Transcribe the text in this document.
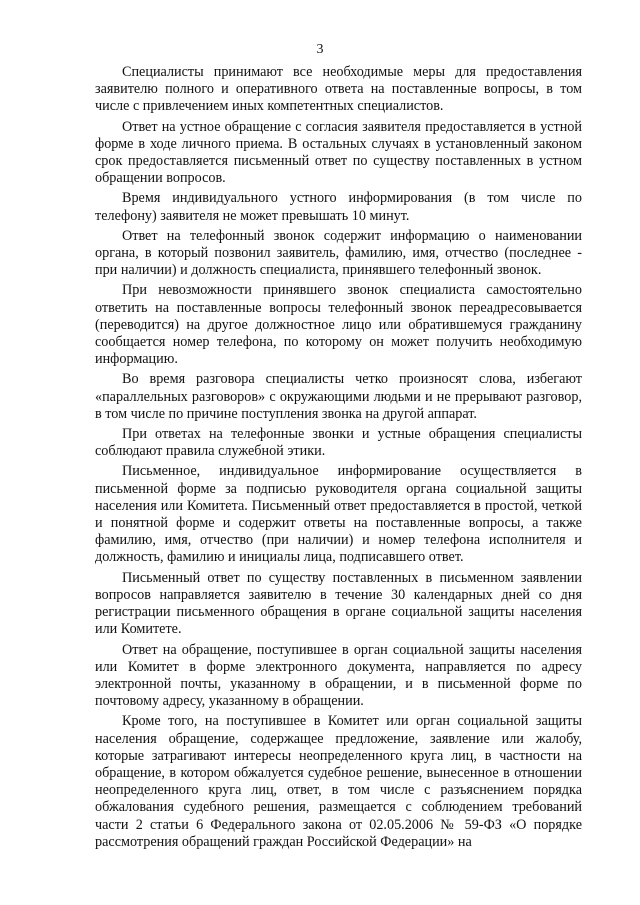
3

Специалисты принимают все необходимые меры для предоставления заявителю полного и оперативного ответа на поставленные вопросы, в том числе с привлечением иных компетентных специалистов.

Ответ на устное обращение с согласия заявителя предоставляется в устной форме в ходе личного приема. В остальных случаях в установленный законом срок предоставляется письменный ответ по существу поставленных в устном обращении вопросов.

Время индивидуального устного информирования (в том числе по телефону) заявителя не может превышать 10 минут.

Ответ на телефонный звонок содержит информацию о наименовании органа, в который позвонил заявитель, фамилию, имя, отчество (последнее - при наличии) и должность специалиста, принявшего телефонный звонок.

При невозможности принявшего звонок специалиста самостоятельно ответить на поставленные вопросы телефонный звонок переадресовывается (переводится) на другое должностное лицо или обратившемуся гражданину сообщается номер телефона, по которому он может получить необходимую информацию.

Во время разговора специалисты четко произносят слова, избегают «параллельных разговоров» с окружающими людьми и не прерывают разговор, в том числе по причине поступления звонка на другой аппарат.

При ответах на телефонные звонки и устные обращения специалисты соблюдают правила служебной этики.

Письменное, индивидуальное информирование осуществляется в письменной форме за подписью руководителя органа социальной защиты населения или Комитета. Письменный ответ предоставляется в простой, четкой и понятной форме и содержит ответы на поставленные вопросы, а также фамилию, имя, отчество (при наличии) и номер телефона исполнителя и должность, фамилию и инициалы лица, подписавшего ответ.

Письменный ответ по существу поставленных в письменном заявлении вопросов направляется заявителю в течение 30 календарных дней со дня регистрации письменного обращения в органе социальной защиты населения или Комитете.

Ответ на обращение, поступившее в орган социальной защиты населения или Комитет в форме электронного документа, направляется по адресу электронной почты, указанному в обращении, и в письменной форме по почтовому адресу, указанному в обращении.

Кроме того, на поступившее в Комитет или орган социальной защиты населения обращение, содержащее предложение, заявление или жалобу, которые затрагивают интересы неопределенного круга лиц, в частности на обращение, в котором обжалуется судебное решение, вынесенное в отношении неопределенного круга лиц, ответ, в том числе с разъяснением порядка обжалования судебного решения, размещается с соблюдением требований части 2 статьи 6 Федерального закона от 02.05.2006 № 59-ФЗ «О порядке рассмотрения обращений граждан Российской Федерации» на
